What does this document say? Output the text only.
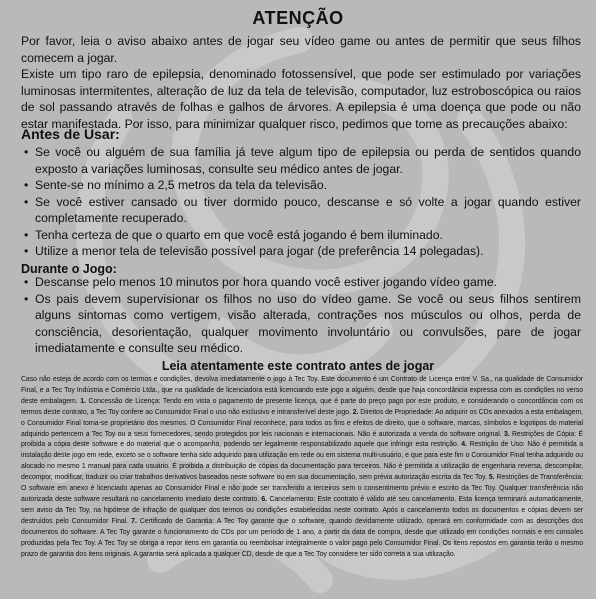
ATENÇÃO

Por favor, leia o aviso abaixo antes de jogar seu vídeo game ou antes de permitir que seus filhos comecem a jogar.

Existe um tipo raro de epilepsia, denominado fotossensível, que pode ser estimulado por variações luminosas intermitentes, alteração de luz da tela de televisão, computador, luz estroboscópica ou raios de sol passando através de folhas e galhos de árvores. A epilepsia é uma doença que pode ou não estar manifestada. Por isso, para minimizar qualquer risco, pedimos que tome as precauções abaixo:

Antes de Usar:
• Se você ou alguém de sua família já teve algum tipo de epilepsia ou perda de sentidos quando exposto a variações luminosas, consulte seu médico antes de jogar.
• Sente-se no mínimo a 2,5 metros da tela da televisão.
• Se você estiver cansado ou tiver dormido pouco, descanse e só volte a jogar quando estiver completamente recuperado.
• Tenha certeza de que o quarto em que você está jogando é bem iluminado.
• Utilize a menor tela de televisão possível para jogar (de preferência 14 polegadas).
Durante o Jogo:
• Descanse pelo menos 10 minutos por hora quando você estiver jogando vídeo game.
• Os pais devem supervisionar os filhos no uso do vídeo game. Se você ou seus filhos sentirem alguns sintomas como vertigem, visão alterada, contrações nos músculos ou olhos, perda de consciência, desorientação, qualquer movimento involuntário ou convulsões, pare de jogar imediatamente e consulte seu médico.
Leia atentamente este contrato antes de jogar

Caso não esteja de acordo com os termos e condições, devolva imediatamente o jogo à Tec Toy. Este documento é um Contrato de Licença entre V. Sa., na qualidade de Consumidor Final, e a Tec Toy Indústria e Comércio Ltda., que na qualidade de licenciadora está licenciando este jogo a alguém, desde que haja concordância expressa com as condições no verso deste embalagem. 1. Concessão de Licença: Tendo em vista o pagamento de presente licença, que é parte do preço pago por este produto, e considerando o concordância com os termos deste contrato, a Tec Toy confere ao Consumidor Final o uso não exclusivo e intransferível deste jogo. 2. Direitos de Propriedade: Ao adquirir os CDs anexados a esta embalagem, o Consumidor Final torna-se proprietário dos mesmos. O Consumidor Final reconhece, para todos os fins e efeitos de direito, que o software, marcas, símbolos e logotipos do material adquirido pertencem a Tec Toy ou a seus fornecedores, sendo protegidos por leis nacionais e internacionais. Não é autorizada a venda do software original. 3. Restrições de Cópia: É proibida a cópia deste software e do material que o acompanha, podendo ser legalmente responsabilizado aquele que infringir esta restrição. 4. Restrição de Uso: Não é permitida a instalação deste jogo em rede, exceto se o software tenha sido adquirido para utilização em rede ou em sistema multi-usuário, e que para este fim o Consumidor Final tenha adquirido ou alocado no mesmo 1 manual para cada usuário. É proibida a distribuição de cópias da documentação para terceiros. Não é permitida a utilização de engenharia reversa, descompilar, decompor, modificar, traduzir ou criar trabalhos derivativos baseados neste software ou em sua documentação, sem prévia autorização escrita da Tec Toy. 5. Restrições de Transferência: O software em anexo é licenciado apenas ao Consumidor Final e não pode ser transferido a terceiros sem o consentimento prévio e escrito da Tec Toy. Qualquer transferência não autorizada deste software resultará no cancelamento imediato deste contrato. 6. Cancelamento: Este contrato é válido até seu cancelamento. Esta licença terminará automaticamente, sem aviso da Tec Toy, na hipótese de infração de qualquer dos termos ou condições estabelecidas neste contrato. Após o cancelamento todos os documentos e cópias devem ser destruídos pelo Consumidor Final. 7. Certificado de Garantia: A Tec Toy garante que o software, quando devidamente utilizado, operará em conformidade com as descrições dos documentos do software. A Tec Toy garante o funcionamento do CDs por um período de 1 ano, a partir da data de compra, desde que utilizado em condições normais e em consoles produzidas pela Tec Toy. A Tec Toy se obriga a repor itens em garantia ou reembolsar integralmente o valor pago pelo Consumidor Final. Os itens repostos em garantia terão o mesmo prazo de garantia dos itens originais. A garantia será aplicada a qualquer CD, desde de que a Tec Toy considere ter sido correta a sua utilização.
